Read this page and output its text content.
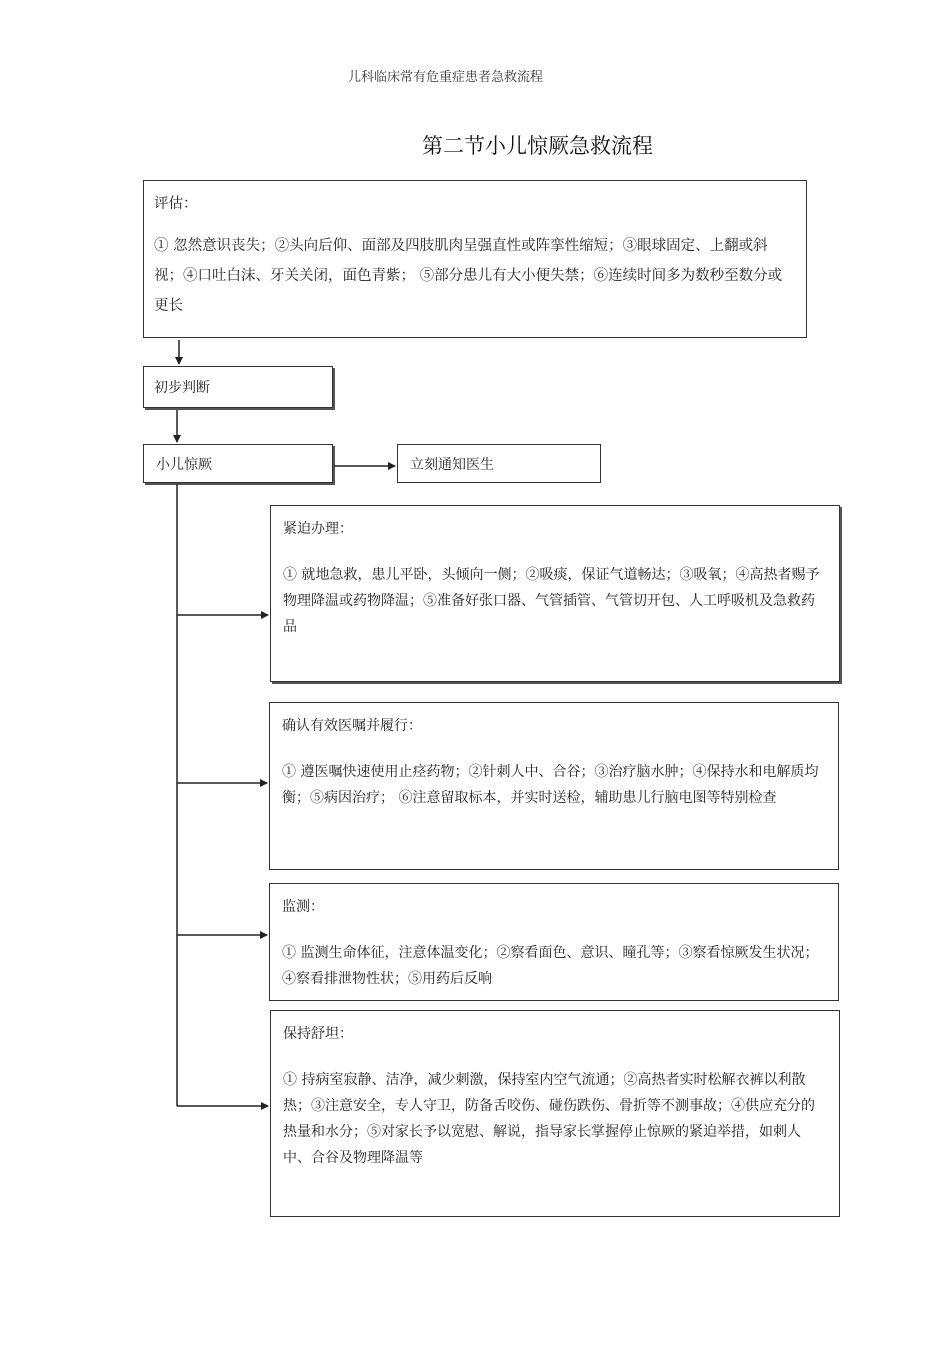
儿科临床常有危重症患者急救流程
第二节小儿惊厥急救流程
评估：
① 忽然意识丧失；②头向后仰、面部及四肢肌肉呈强直性或阵挛性缩短；③眼球固定、上翻或斜视；④口吐白沫、牙关关闭，面色青紫； ⑤部分患儿有大小便失禁；⑥连续时间多为数秒至数分或更长
初步判断
小儿惊厥	立刻通知医生
紧迫办理：
① 就地急救，患儿平卧，头倾向一侧；②吸痰，保证气道畅达；③吸氧；④高热者赐予物理降温或药物降温；⑤准备好张口器、气管插管、气管切开包、人工呼吸机及急救药品
确认有效医嘱并履行：
① 遵医嘱快速使用止痉药物；②针刺人中、合谷；③治疗脑水肿；④保持水和电解质均衡；⑤病因治疗； ⑥注意留取标本，并实时送检，辅助患儿行脑电图等特别检查
监测：
① 监测生命体征，注意体温变化；②察看面色、意识、瞳孔等；③察看惊厥发生状况；④察看排泄物性状；⑤用药后反响
保持舒坦：
① 持病室寂静、洁净，减少刺激，保持室内空气流通；②高热者实时松解衣裤以利散热；③注意安全，专人守卫，防备舌咬伤、碰伤跌伤、骨折等不测事故；④供应充分的热量和水分；⑤对家长予以宽慰、解说，指导家长掌握停止惊厥的紧迫举措，如刺人中、合谷及物理降温等
